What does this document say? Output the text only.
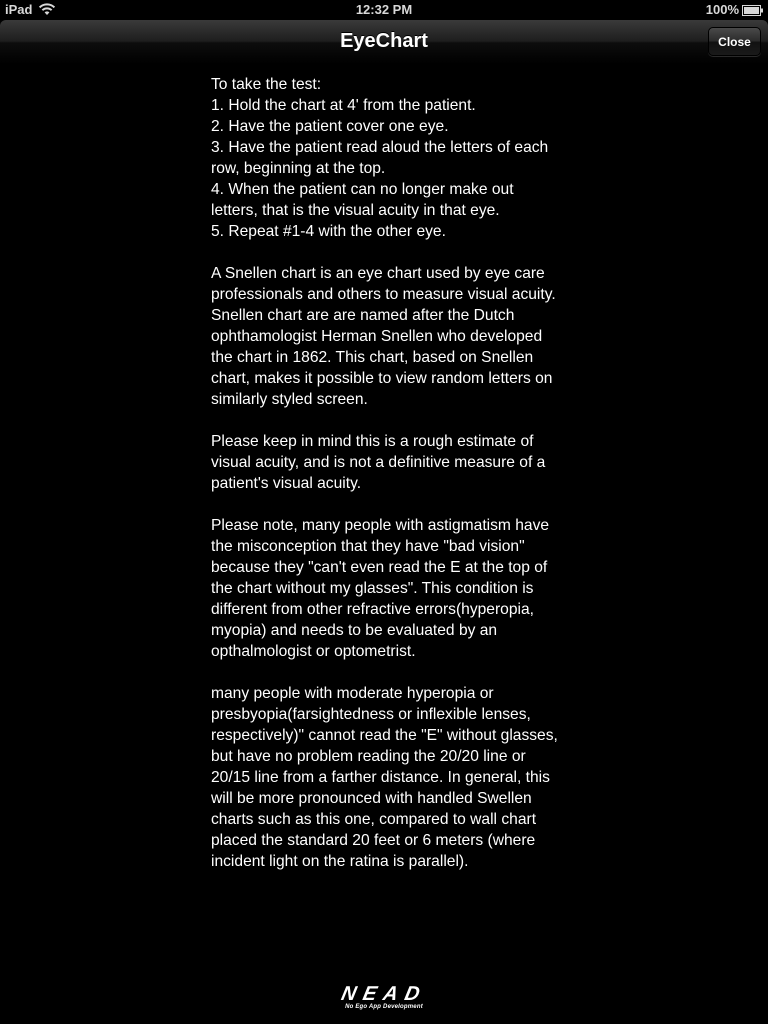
iPad	12:32 PM	100%
EyeChart	Close

To take the test:
1. Hold the chart at 4' from the patient.
2. Have the patient cover one eye.
3. Have the patient read aloud the letters of each row, beginning at the top.
4. When the patient can no longer make out letters, that is the visual acuity in that eye.
5. Repeat #1-4 with the other eye.

A Snellen chart is an eye chart used by eye care professionals and others to measure visual acuity. Snellen chart are are named after the Dutch ophthamologist Herman Snellen who developed the chart in 1862. This chart, based on Snellen chart, makes it possible to view random letters on similarly styled screen.

Please keep in mind this is a rough estimate of visual acuity, and is not a definitive measure of a patient's visual acuity.

Please note, many people with astigmatism have the misconception that they have "bad vision" because they "can't even read the E at the top of the chart without my glasses". This condition is different from other refractive errors(hyperopia, myopia) and needs to be evaluated by an opthalmologist or optometrist.

many people with moderate hyperopia or presbyopia(farsightedness or inflexible lenses, respectively)" cannot read the "E" without glasses, but have no problem reading the 20/20 line or 20/15 line from a farther distance. In general, this will be more pronounced with handled Swellen charts such as this one, compared to wall chart placed the standard 20 feet or 6 meters (where incident light on the ratina is parallel).

NEAD
No Ego App Development
